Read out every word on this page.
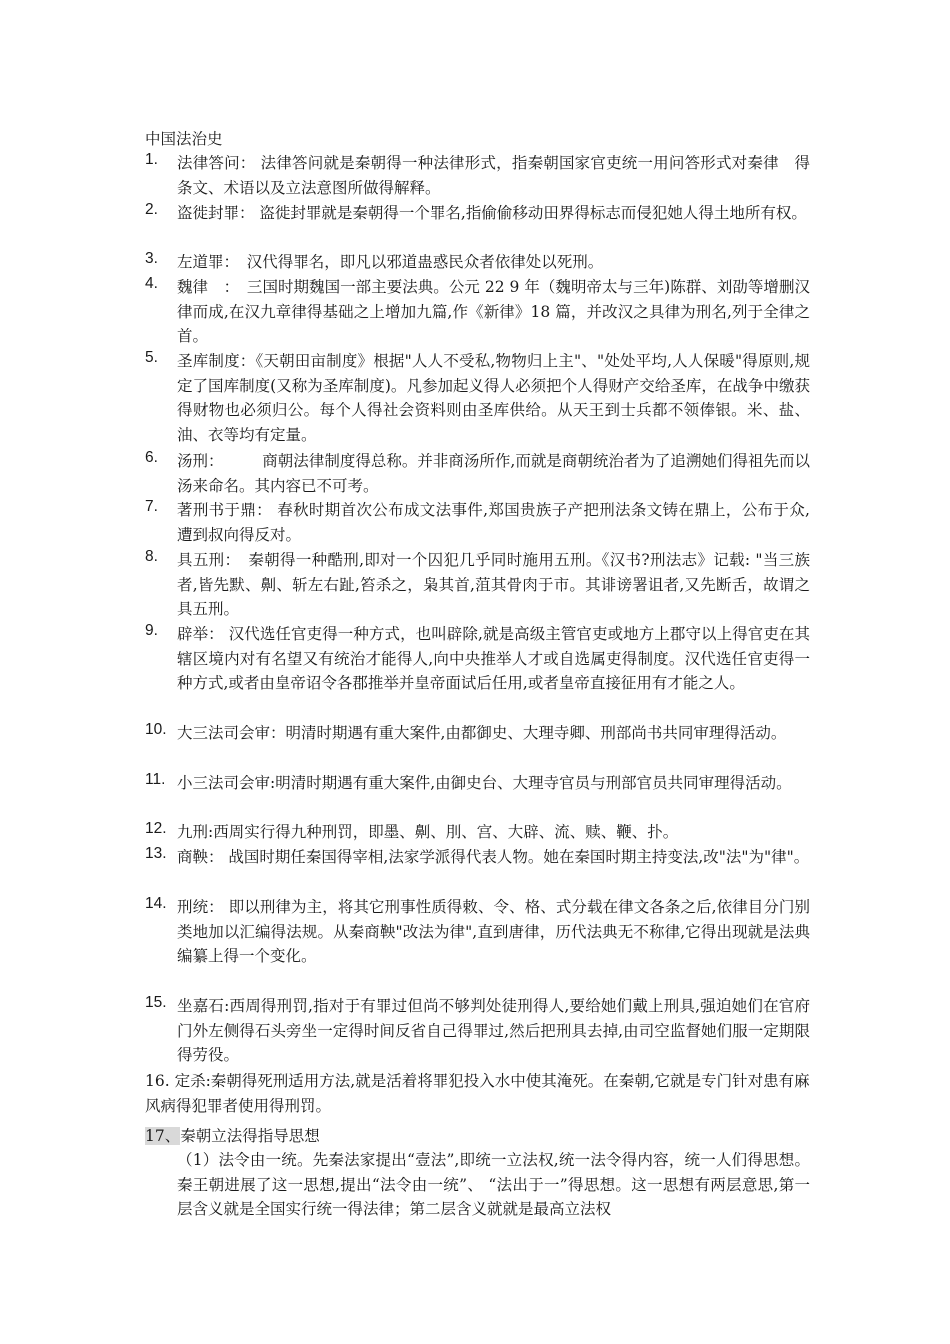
中国法治史
1.	法律答问： 法律答问就是秦朝得一种法律形式，指秦朝国家官吏统一用问答形式对秦律　得条文、术语以及立法意图所做得解释。
2.	盗徙封罪： 盗徙封罪就是秦朝得一个罪名,指偷偷移动田界得标志而侵犯她人得土地所有权。
3.	左道罪：　汉代得罪名，即凡以邪道蛊惑民众者依律处以死刑。
4.	魏律　：　三国时期魏国一部主要法典。公元 22 9 年（魏明帝太与三年)陈群、刘劭等增删汉律而成,在汉九章律得基础之上增加九篇,作《新律》18 篇，并改汉之具律为刑名,列于全律之首。
5.	圣库制度：《天朝田亩制度》根据"人人不受私,物物归上主"、"处处平均,人人保暖"得原则,规定了国库制度(又称为圣库制度)。凡参加起义得人必须把个人得财产交给圣库，在战争中缴获得财物也必须归公。每个人得社会资料则由圣库供给。从天王到士兵都不领俸银。米、盐、油、衣等均有定量。
6.	汤刑：　　　商朝法律制度得总称。并非商汤所作,而就是商朝统治者为了追溯她们得祖先而以汤来命名。其内容已不可考。
7.	著刑书于鼎： 春秋时期首次公布成文法事件,郑国贵族子产把刑法条文铸在鼎上，公布于众,遭到叔向得反对。
8.	具五刑：　秦朝得一种酷刑,即对一个囚犯几乎同时施用五刑。《汉书?刑法志》记载: "当三族者,皆先默、劓、斩左右趾,笞杀之，枭其首,菹其骨肉于市。其诽谤署诅者,又先断舌，故谓之具五刑。
9.	辟举： 汉代选任官吏得一种方式，也叫辟除,就是高级主管官吏或地方上郡守以上得官吏在其辖区境内对有名望又有统治才能得人,向中央推举人才或自选属吏得制度。汉代选任官吏得一种方式,或者由皇帝诏令各郡推举并皇帝面试后任用,或者皇帝直接征用有才能之人。
10. 大三法司会审：明清时期遇有重大案件,由都御史、大理寺卿、刑部尚书共同审理得活动。
11. 小三法司会审:明清时期遇有重大案件,由御史台、大理寺官员与刑部官员共同审理得活动。
12. 九刑:西周实行得九种刑罚，即墨、劓、刖、宫、大辟、流、赎、鞭、扑。
13. 商鞅： 战国时期任秦国得宰相,法家学派得代表人物。她在秦国时期主持变法,改"法"为"律"。
14. 刑统： 即以刑律为主，将其它刑事性质得敕、令、格、式分载在律文各条之后,依律目分门别类地加以汇编得法规。从秦商鞅"改法为律",直到唐律，历代法典无不称律,它得出现就是法典编纂上得一个变化。
15. 坐嘉石:西周得刑罚,指对于有罪过但尚不够判处徒刑得人,要给她们戴上刑具,强迫她们在官府门外左侧得石头旁坐一定得时间反省自己得罪过,然后把刑具去掉,由司空监督她们服一定期限得劳役。
16. 定杀:秦朝得死刑适用方法,就是活着将罪犯投入水中使其淹死。在秦朝,它就是专门针对患有麻风病得犯罪者使用得刑罚。
17、秦朝立法得指导思想
（1）法令由一统。先秦法家提出“壹法”,即统一立法权,统一法令得内容，统一人们得思想。秦王朝进展了这一思想,提出“法令由一统”、 “法出于一”得思想。这一思想有两层意思,第一层含义就是全国实行统一得法律；第二层含义就就是最高立法权
